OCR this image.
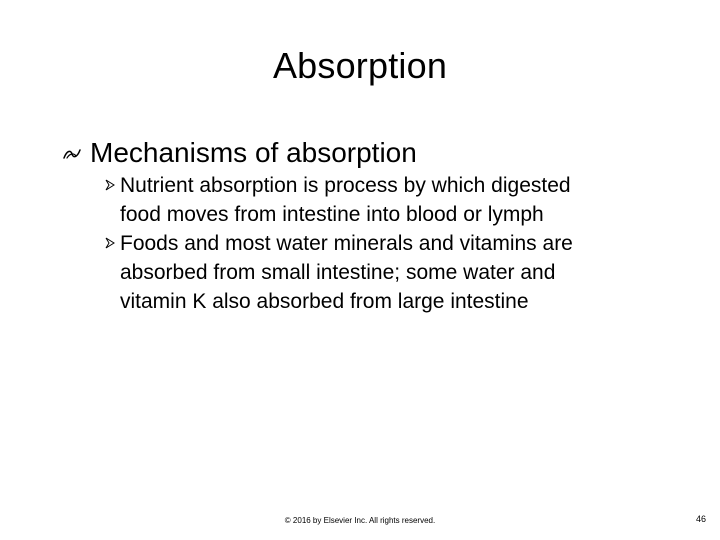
Absorption
Mechanisms of absorption
Nutrient absorption is process by which digested
food moves from intestine into blood or lymph
Foods and most water minerals and vitamins are
absorbed from small intestine; some water and
vitamin K also absorbed from large intestine
© 2016 by Elsevier Inc. All rights reserved.	46
